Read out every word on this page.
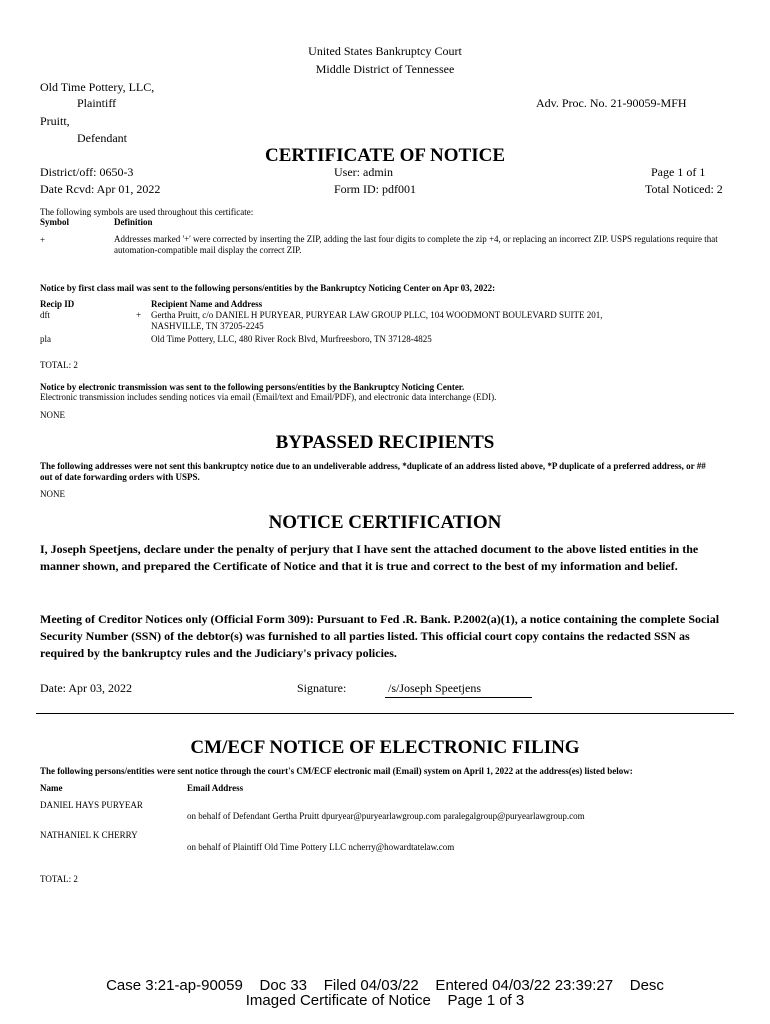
United States Bankruptcy Court
Middle District of Tennessee
Old Time Pottery, LLC,
Plaintiff	Adv. Proc. No. 21-90059-MFH
Pruitt,
Defendant
CERTIFICATE OF NOTICE
District/off: 0650-3	User: admin	Page 1 of 1
Date Rcvd: Apr 01, 2022	Form ID: pdf001	Total Noticed: 2
The following symbols are used throughout this certificate:
Symbol	Definition
+	Addresses marked '+' were corrected by inserting the ZIP, adding the last four digits to complete the zip +4, or replacing an incorrect ZIP. USPS regulations require that automation-compatible mail display the correct ZIP.
Notice by first class mail was sent to the following persons/entities by the Bankruptcy Noticing Center on Apr 03, 2022:
Recip ID	Recipient Name and Address
dft	+ Gertha Pruitt, c/o DANIEL H PURYEAR, PURYEAR LAW GROUP PLLC, 104 WOODMONT BOULEVARD SUITE 201,
NASHVILLE, TN 37205-2245
pla	Old Time Pottery, LLC, 480 River Rock Blvd, Murfreesboro, TN 37128-4825
TOTAL: 2
Notice by electronic transmission was sent to the following persons/entities by the Bankruptcy Noticing Center.
Electronic transmission includes sending notices via email (Email/text and Email/PDF), and electronic data interchange (EDI).
NONE
BYPASSED RECIPIENTS
The following addresses were not sent this bankruptcy notice due to an undeliverable address, *duplicate of an address listed above, *P duplicate of a preferred address, or ## out of date forwarding orders with USPS.
NONE
NOTICE CERTIFICATION
I, Joseph Speetjens, declare under the penalty of perjury that I have sent the attached document to the above listed entities in the manner shown, and prepared the Certificate of Notice and that it is true and correct to the best of my information and belief.
Meeting of Creditor Notices only (Official Form 309): Pursuant to Fed .R. Bank. P.2002(a)(1), a notice containing the complete Social Security Number (SSN) of the debtor(s) was furnished to all parties listed. This official court copy contains the redacted SSN as required by the bankruptcy rules and the Judiciary's privacy policies.
Date: Apr 03, 2022	Signature:	/s/Joseph Speetjens
CM/ECF NOTICE OF ELECTRONIC FILING
The following persons/entities were sent notice through the court's CM/ECF electronic mail (Email) system on April 1, 2022 at the address(es) listed below:
Name	Email Address
DANIEL HAYS PURYEAR
on behalf of Defendant Gertha Pruitt dpuryear@puryearlawgroup.com paralegalgroup@puryearlawgroup.com
NATHANIEL K CHERRY
on behalf of Plaintiff Old Time Pottery LLC ncherry@howardtatelaw.com
TOTAL: 2
Case 3:21-ap-90059    Doc 33    Filed 04/03/22    Entered 04/03/22 23:39:27    Desc
Imaged Certificate of Notice    Page 1 of 3
